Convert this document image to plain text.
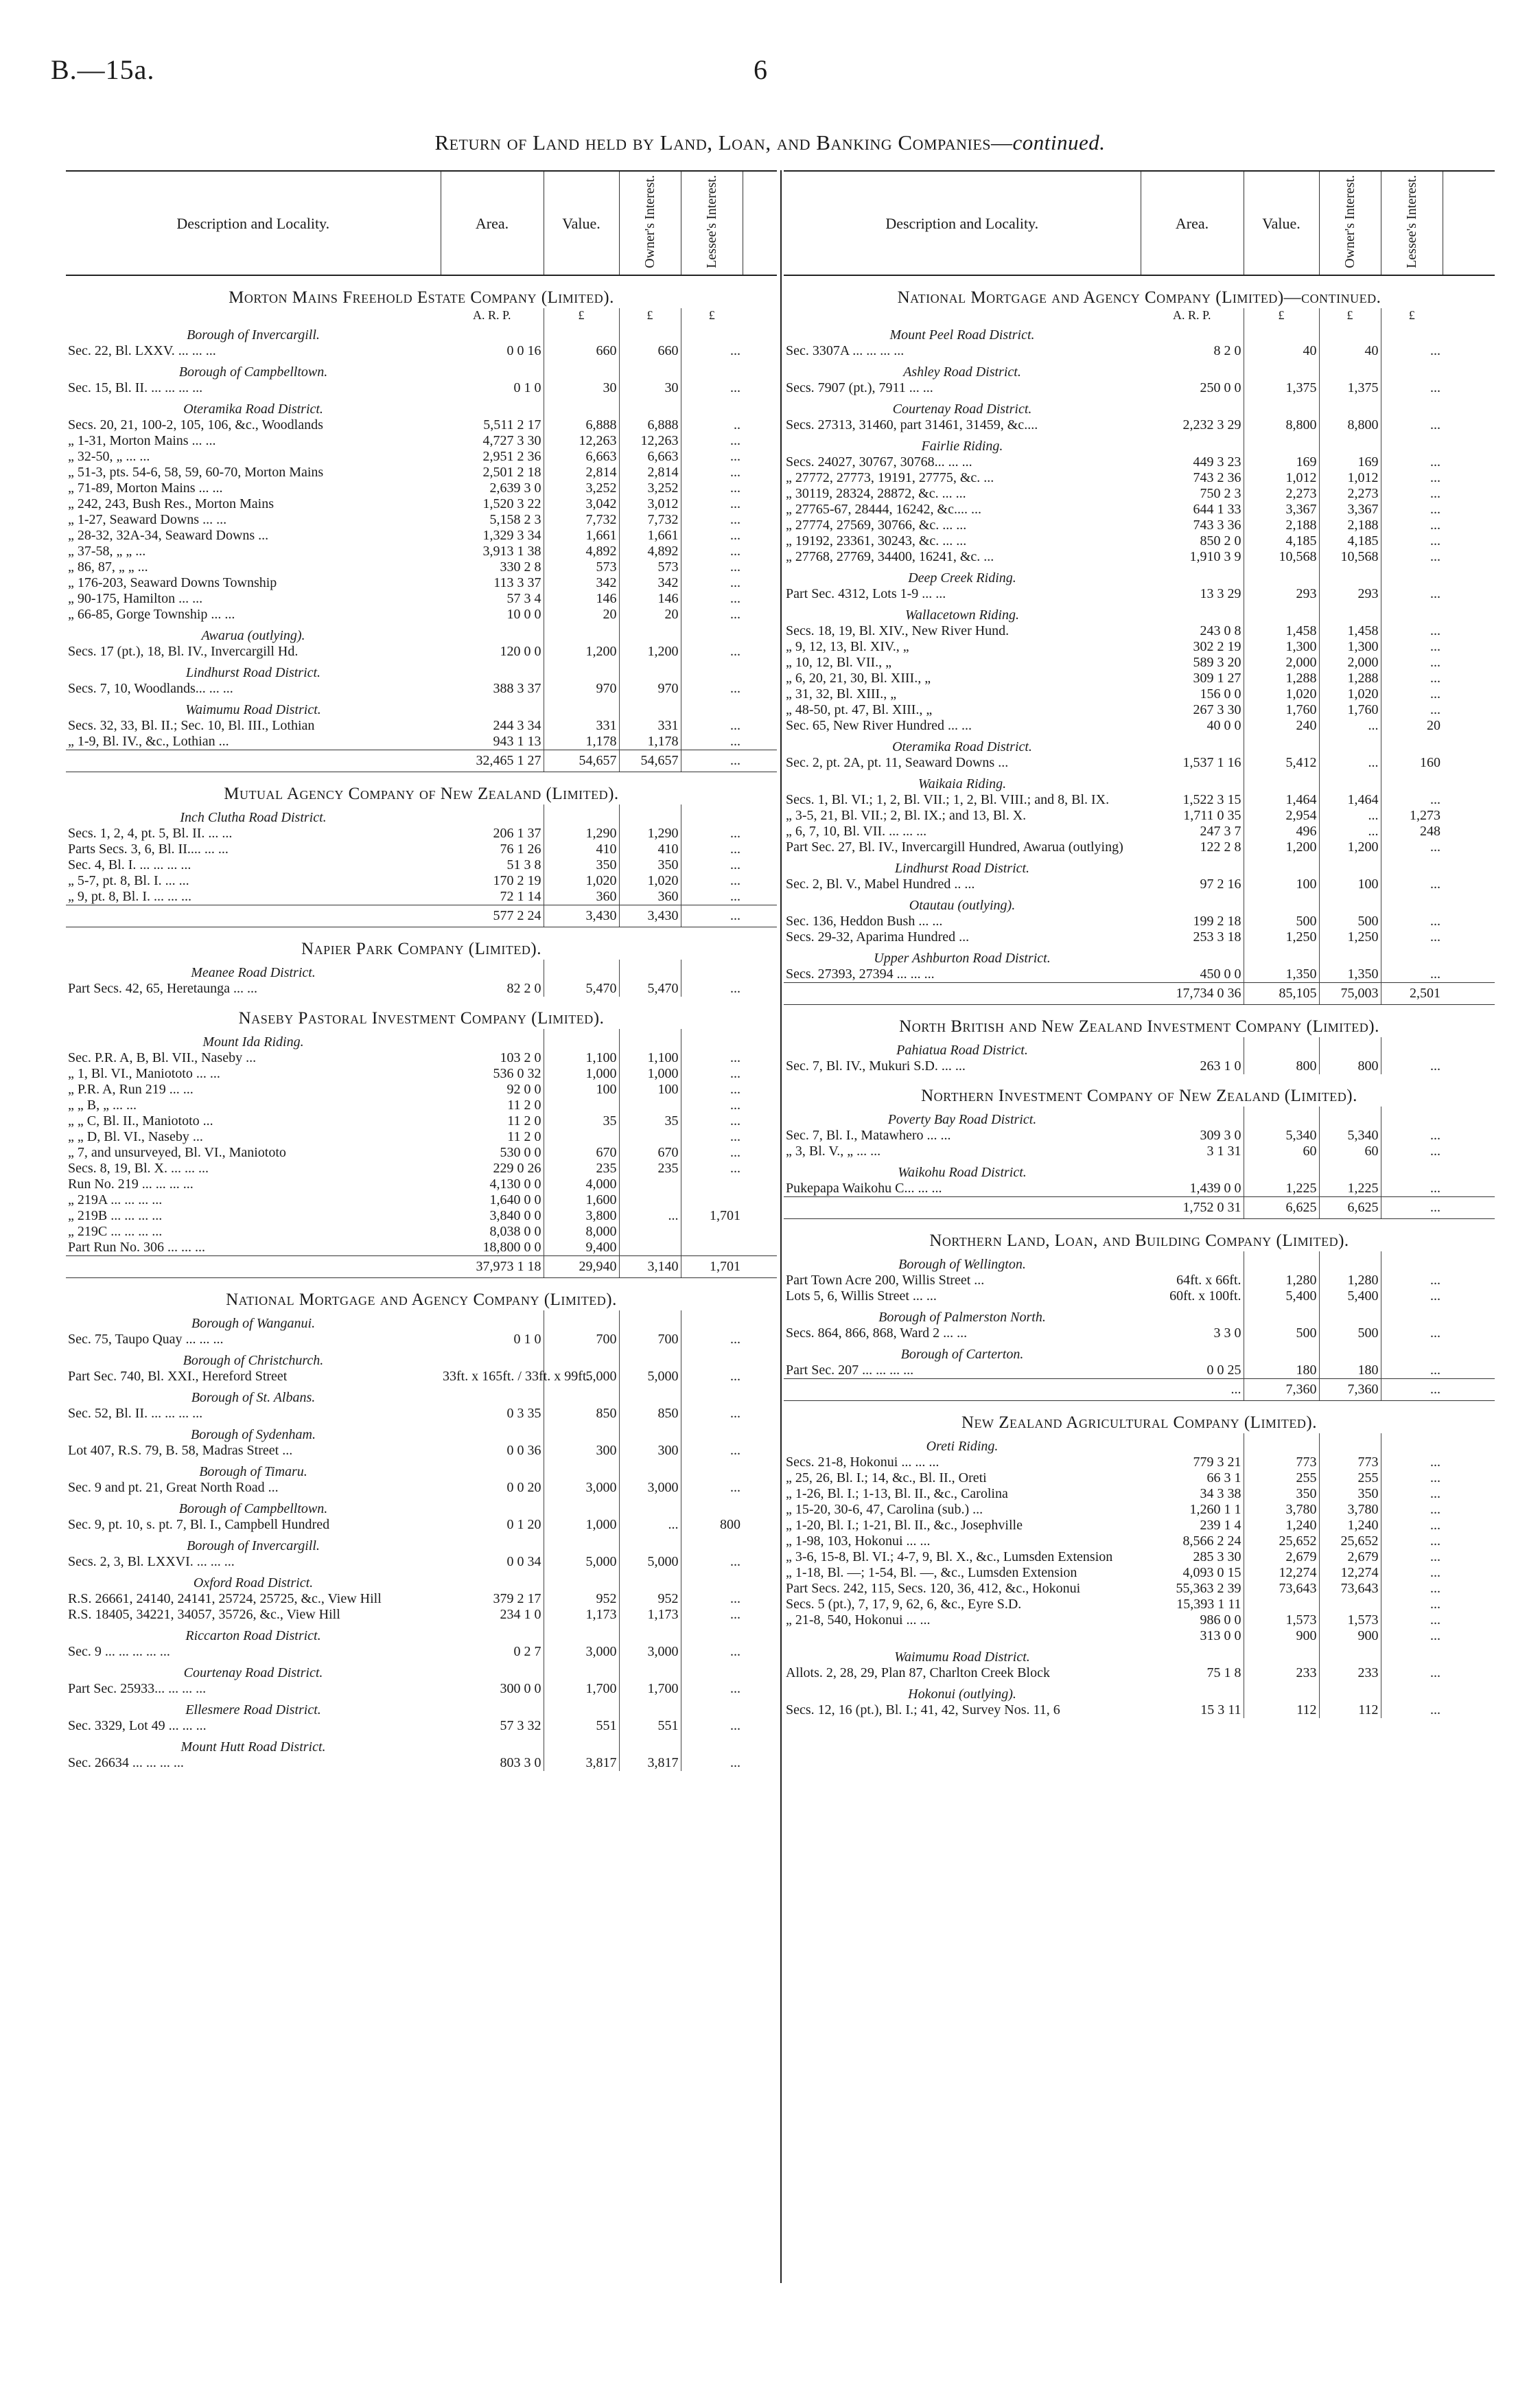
B.—15a.	6
Return of Land held by Land, Loan, and Banking Companies—continued.
Description and Locality.	Area.	Value.	Owner's Interest.	Lessee's Interest.	
Morton Mains Freehold Estate Company (Limited).					
	A. R. P.	£	£	£	
Borough of Invercargill.					
Sec. 22, Bl. LXXV. ... ... ...	0 0 16	660	660	...	
Borough of Campbelltown.					
Sec. 15, Bl. II. ... ... ... ...	0 1 0	30	30	...	
Oteramika Road District.					
Secs. 20, 21, 100-2, 105, 106, &c., Woodlands	5,511 2 17	6,888	6,888	..	
„ 1-31, Morton Mains ... ...	4,727 3 30	12,263	12,263	...	
„ 32-50, „ ... ...	2,951 2 36	6,663	6,663	...	
„ 51-3, pts. 54-6, 58, 59, 60-70, Morton Mains	2,501 2 18	2,814	2,814	...	
„ 71-89, Morton Mains ... ...	2,639 3 0	3,252	3,252	...	
„ 242, 243, Bush Res., Morton Mains	1,520 3 22	3,042	3,012	...	
„ 1-27, Seaward Downs ... ...	5,158 2 3	7,732	7,732	...	
„ 28-32, 32A-34, Seaward Downs ...	1,329 3 34	1,661	1,661	...	
„ 37-58, „ „ ...	3,913 1 38	4,892	4,892	...	
„ 86, 87, „ „ ...	330 2 8	573	573	...	
„ 176-203, Seaward Downs Township	113 3 37	342	342	...	
„ 90-175, Hamilton ... ...	57 3 4	146	146	...	
„ 66-85, Gorge Township ... ...	10 0 0	20	20	...	
Awarua (outlying).					
Secs. 17 (pt.), 18, Bl. IV., Invercargill Hd.	120 0 0	1,200	1,200	...	
Lindhurst Road District.					
Secs. 7, 10, Woodlands... ... ...	388 3 37	970	970	...	
Waimumu Road District.					
Secs. 32, 33, Bl. II.; Sec. 10, Bl. III., Lothian	244 3 34	331	331	...	
„ 1-9, Bl. IV., &c., Lothian ...	943 1 13	1,178	1,178	...	
	32,465 1 27	54,657	54,657	...	
Mutual Agency Company of New Zealand (Limited).					
Inch Clutha Road District.					
Secs. 1, 2, 4, pt. 5, Bl. II. ... ...	206 1 37	1,290	1,290	...	
Parts Secs. 3, 6, Bl. II.... ... ...	76 1 26	410	410	...	
Sec. 4, Bl. I. ... ... ... ...	51 3 8	350	350	...	
„ 5-7, pt. 8, Bl. I. ... ...	170 2 19	1,020	1,020	...	
„ 9, pt. 8, Bl. I. ... ... ...	72 1 14	360	360	...	
	577 2 24	3,430	3,430	...	
Napier Park Company (Limited).					
Meanee Road District.					
Part Secs. 42, 65, Heretaunga ... ...	82 2 0	5,470	5,470	...	
Naseby Pastoral Investment Company (Limited).					
Mount Ida Riding.					
Sec. P.R. A, B, Bl. VII., Naseby ...	103 2 0	1,100	1,100	...	
„ 1, Bl. VI., Maniototo ... ...	536 0 32	1,000	1,000	...	
„ P.R. A, Run 219 ... ...	92 0 0	100	100	...	
„ „ B, „ ... ...	11 2 0			...	
„ „ C, Bl. II., Maniototo ...	11 2 0	35	35	...	
„ „ D, Bl. VI., Naseby ...	11 2 0			...	
„ 7, and unsurveyed, Bl. VI., Maniototo	530 0 0	670	670	...	
Secs. 8, 19, Bl. X. ... ... ...	229 0 26	235	235	...	
Run No. 219 ... ... ... ...	4,130 0 0	4,000			
„ 219A ... ... ... ...	1,640 0 0	1,600			
„ 219B ... ... ... ...	3,840 0 0	3,800	...	1,701	
„ 219C ... ... ... ...	8,038 0 0	8,000			
Part Run No. 306 ... ... ...	18,800 0 0	9,400			
	37,973 1 18	29,940	3,140	1,701	
National Mortgage and Agency Company (Limited).					
Borough of Wanganui.					
Sec. 75, Taupo Quay ... ... ...	0 1 0	700	700	...	
Borough of Christchurch.					
Part Sec. 740, Bl. XXI., Hereford Street	33ft. x 165ft. / 33ft. x 99ft.	5,000	5,000	...	
Borough of St. Albans.					
Sec. 52, Bl. II. ... ... ... ...	0 3 35	850	850	...	
Borough of Sydenham.					
Lot 407, R.S. 79, B. 58, Madras Street ...	0 0 36	300	300	...	
Borough of Timaru.					
Sec. 9 and pt. 21, Great North Road ...	0 0 20	3,000	3,000	...	
Borough of Campbelltown.					
Sec. 9, pt. 10, s. pt. 7, Bl. I., Campbell Hundred	0 1 20	1,000	...	800	
Borough of Invercargill.					
Secs. 2, 3, Bl. LXXVI. ... ... ...	0 0 34	5,000	5,000	...	
Oxford Road District.					
R.S. 26661, 24140, 24141, 25724, 25725, &c., View Hill	379 2 17	952	952	...	
R.S. 18405, 34221, 34057, 35726, &c., View Hill	234 1 0	1,173	1,173	...	
Riccarton Road District.					
Sec. 9 ... ... ... ... ...	0 2 7	3,000	3,000	...	
Courtenay Road District.					
Part Sec. 25933... ... ... ...	300 0 0	1,700	1,700	...	
Ellesmere Road District.					
Sec. 3329, Lot 49 ... ... ...	57 3 32	551	551	...	
Mount Hutt Road District.					
Sec. 26634 ... ... ... ...	803 3 0	3,817	3,817	...	
Description and Locality.	Area.	Value.	Owner's Interest.	Lessee's Interest.	
National Mortgage and Agency Company (Limited)—continued.					
	A. R. P.	£	£	£	
Mount Peel Road District.					
Sec. 3307A ... ... ... ...	8 2 0	40	40	...	
Ashley Road District.					
Secs. 7907 (pt.), 7911 ... ...	250 0 0	1,375	1,375	...	
Courtenay Road District.					
Secs. 27313, 31460, part 31461, 31459, &c....	2,232 3 29	8,800	8,800	...	
Fairlie Riding.					
Secs. 24027, 30767, 30768... ... ...	449 3 23	169	169	...	
„ 27772, 27773, 19191, 27775, &c. ...	743 2 36	1,012	1,012	...	
„ 30119, 28324, 28872, &c. ... ...	750 2 3	2,273	2,273	...	
„ 27765-67, 28444, 16242, &c.... ...	644 1 33	3,367	3,367	...	
„ 27774, 27569, 30766, &c. ... ...	743 3 36	2,188	2,188	...	
„ 19192, 23361, 30243, &c. ... ...	850 2 0	4,185	4,185	...	
„ 27768, 27769, 34400, 16241, &c. ...	1,910 3 9	10,568	10,568	...	
Deep Creek Riding.					
Part Sec. 4312, Lots 1-9 ... ...	13 3 29	293	293	...	
Wallacetown Riding.					
Secs. 18, 19, Bl. XIV., New River Hund.	243 0 8	1,458	1,458	...	
„ 9, 12, 13, Bl. XIV., „	302 2 19	1,300	1,300	...	
„ 10, 12, Bl. VII., „	589 3 20	2,000	2,000	...	
„ 6, 20, 21, 30, Bl. XIII., „	309 1 27	1,288	1,288	...	
„ 31, 32, Bl. XIII., „	156 0 0	1,020	1,020	...	
„ 48-50, pt. 47, Bl. XIII., „	267 3 30	1,760	1,760	...	
Sec. 65, New River Hundred ... ...	40 0 0	240	...	20	
Oteramika Road District.					
Sec. 2, pt. 2A, pt. 11, Seaward Downs ...	1,537 1 16	5,412	...	160	
Waikaia Riding.					
Secs. 1, Bl. VI.; 1, 2, Bl. VII.; 1, 2, Bl. VIII.; and 8, Bl. IX.	1,522 3 15	1,464	1,464	...	
„ 3-5, 21, Bl. VII.; 2, Bl. IX.; and 13, Bl. X.	1,711 0 35	2,954	...	1,273	
„ 6, 7, 10, Bl. VII. ... ... ...	247 3 7	496	...	248	
Part Sec. 27, Bl. IV., Invercargill Hundred, Awarua (outlying)	122 2 8	1,200	1,200	...	
Lindhurst Road District.					
Sec. 2, Bl. V., Mabel Hundred .. ...	97 2 16	100	100	...	
Otautau (outlying).					
Sec. 136, Heddon Bush ... ...	199 2 18	500	500	...	
Secs. 29-32, Aparima Hundred ...	253 3 18	1,250	1,250	...	
Upper Ashburton Road District.					
Secs. 27393, 27394 ... ... ...	450 0 0	1,350	1,350	...	
	17,734 0 36	85,105	75,003	2,501	
North British and New Zealand Investment Company (Limited).					
Pahiatua Road District.					
Sec. 7, Bl. IV., Mukuri S.D. ... ...	263 1 0	800	800	...	
Northern Investment Company of New Zealand (Limited).					
Poverty Bay Road District.					
Sec. 7, Bl. I., Matawhero ... ...	309 3 0	5,340	5,340	...	
„ 3, Bl. V., „ ... ...	3 1 31	60	60	...	
Waikohu Road District.					
Pukepapa Waikohu C... ... ...	1,439 0 0	1,225	1,225	...	
	1,752 0 31	6,625	6,625	...	
Northern Land, Loan, and Building Company (Limited).					
Borough of Wellington.					
Part Town Acre 200, Willis Street ...	64ft. x 66ft.	1,280	1,280	...	
Lots 5, 6, Willis Street ... ...	60ft. x 100ft.	5,400	5,400	...	
Borough of Palmerston North.					
Secs. 864, 866, 868, Ward 2 ... ...	3 3 0	500	500	...	
Borough of Carterton.					
Part Sec. 207 ... ... ... ...	0 0 25	180	180	...	
	...	7,360	7,360	...	
New Zealand Agricultural Company (Limited).					
Oreti Riding.					
Secs. 21-8, Hokonui ... ... ...	779 3 21	773	773	...	
„ 25, 26, Bl. I.; 14, &c., Bl. II., Oreti	66 3 1	255	255	...	
„ 1-26, Bl. I.; 1-13, Bl. II., &c., Carolina	34 3 38	350	350	...	
„ 15-20, 30-6, 47, Carolina (sub.) ...	1,260 1 1	3,780	3,780	...	
„ 1-20, Bl. I.; 1-21, Bl. II., &c., Josephville	239 1 4	1,240	1,240	...	
„ 1-98, 103, Hokonui ... ...	8,566 2 24	25,652	25,652	...	
„ 3-6, 15-8, Bl. VI.; 4-7, 9, Bl. X., &c., Lumsden Extension	285 3 30	2,679	2,679	...	
„ 1-18, Bl. —; 1-54, Bl. —, &c., Lumsden Extension	4,093 0 15	12,274	12,274	...	
Part Secs. 242, 115, Secs. 120, 36, 412, &c., Hokonui	55,363 2 39	73,643	73,643	...	
Secs. 5 (pt.), 7, 17, 9, 62, 6, &c., Eyre S.D.	15,393 1 11			...	
„ 21-8, 540, Hokonui ... ...	986 0 0	1,573	1,573	...	
	313 0 0	900	900	...	
Waimumu Road District.					
Allots. 2, 28, 29, Plan 87, Charlton Creek Block	75 1 8	233	233	...	
Hokonui (outlying).					
Secs. 12, 16 (pt.), Bl. I.; 41, 42, Survey Nos. 11, 6	15 3 11	112	112	...	
